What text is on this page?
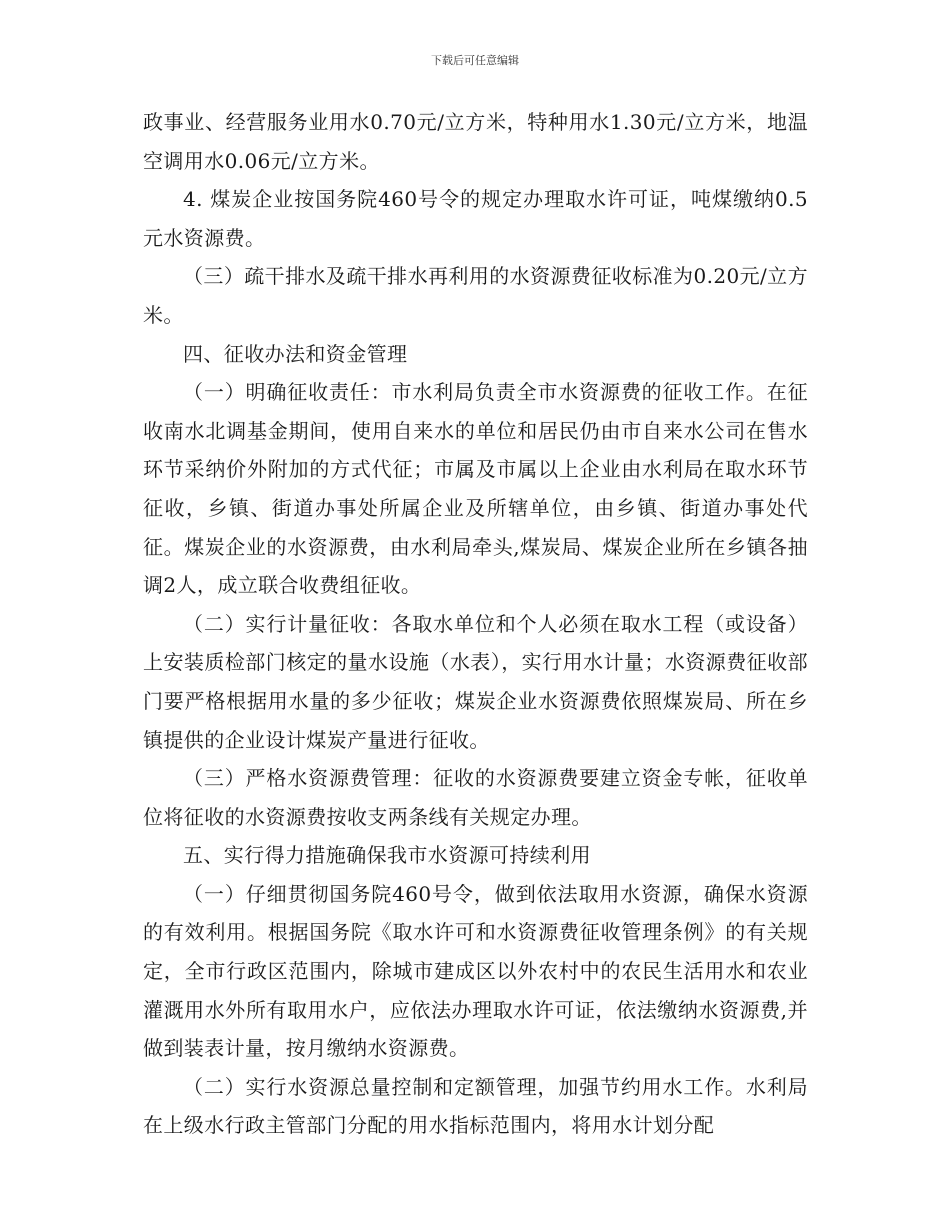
下载后可任意编辑

政事业、经营服务业用水0.70元/立方米，特种用水1.30元/立方米，地温空调用水0.06元/立方米。

4. 煤炭企业按国务院460号令的规定办理取水许可证，吨煤缴纳0.5元水资源费。

（三）疏干排水及疏干排水再利用的水资源费征收标准为0.20元/立方米。

四、征收办法和资金管理

（一）明确征收责任：市水利局负责全市水资源费的征收工作。在征收南水北调基金期间，使用自来水的单位和居民仍由市自来水公司在售水环节采纳价外附加的方式代征；市属及市属以上企业由水利局在取水环节征收，乡镇、街道办事处所属企业及所辖单位，由乡镇、街道办事处代征。煤炭企业的水资源费，由水利局牵头,煤炭局、煤炭企业所在乡镇各抽调2人，成立联合收费组征收。

（二）实行计量征收：各取水单位和个人必须在取水工程（或设备）上安装质检部门核定的量水设施（水表），实行用水计量；水资源费征收部门要严格根据用水量的多少征收；煤炭企业水资源费依照煤炭局、所在乡镇提供的企业设计煤炭产量进行征收。

（三）严格水资源费管理：征收的水资源费要建立资金专帐，征收单位将征收的水资源费按收支两条线有关规定办理。

五、实行得力措施确保我市水资源可持续利用

（一）仔细贯彻国务院460号令，做到依法取用水资源，确保水资源的有效利用。根据国务院《取水许可和水资源费征收管理条例》的有关规定，全市行政区范围内，除城市建成区以外农村中的农民生活用水和农业灌溉用水外所有取用水户，应依法办理取水许可证，依法缴纳水资源费,并做到装表计量，按月缴纳水资源费。

（二）实行水资源总量控制和定额管理，加强节约用水工作。水利局在上级水行政主管部门分配的用水指标范围内，将用水计划分配
